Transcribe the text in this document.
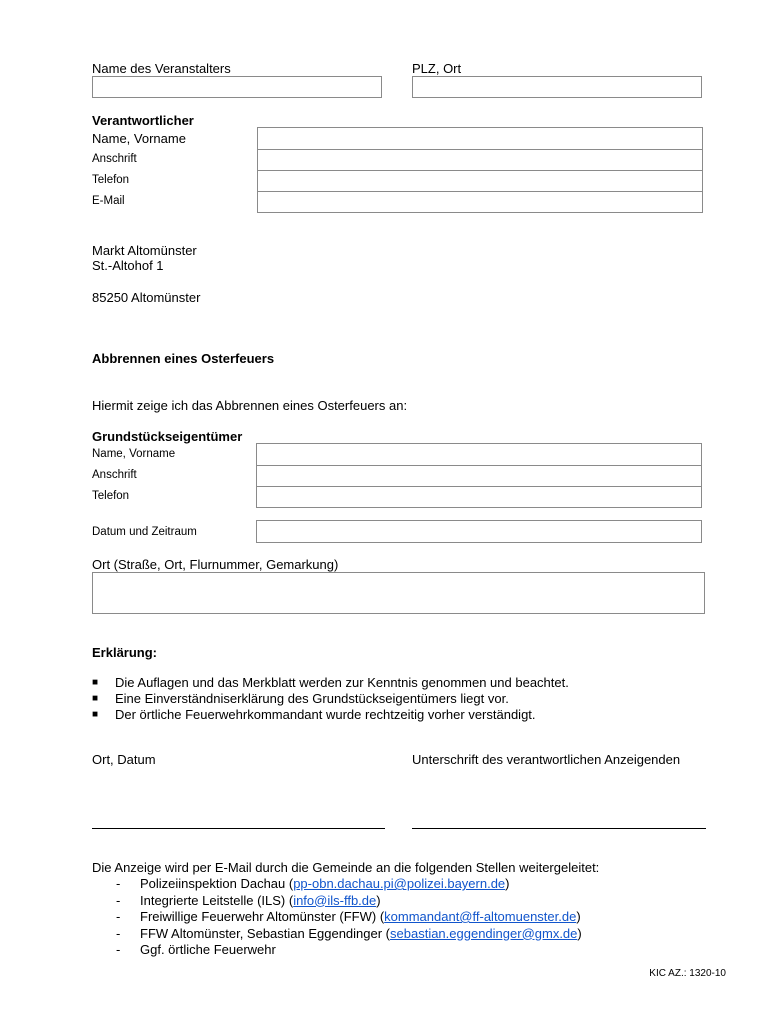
Name des Veranstalters	PLZ, Ort
Verantwortlicher
Name, Vorname
Anschrift
Telefon
E-Mail
Markt Altomünster
St.-Altohof 1
85250 Altomünster
Abbrennen eines Osterfeuers
Hiermit zeige ich das Abbrennen eines Osterfeuers an:
Grundstückseigentümer
Name, Vorname
Anschrift
Telefon
Datum und Zeitraum
Ort (Straße, Ort, Flurnummer, Gemarkung)
Erklärung:
■ Die Auflagen und das Merkblatt werden zur Kenntnis genommen und beachtet.
■ Eine Einverständniserklärung des Grundstückseigentümers liegt vor.
■ Der örtliche Feuerwehrkommandant wurde rechtzeitig vorher verständigt.
Ort, Datum	Unterschrift des verantwortlichen Anzeigenden
Die Anzeige wird per E-Mail durch die Gemeinde an die folgenden Stellen weitergeleitet:
- Polizeiinspektion Dachau (pp-obn.dachau.pi@polizei.bayern.de)
- Integrierte Leitstelle (ILS) (info@ils-ffb.de)
- Freiwillige Feuerwehr Altomünster (FFW) (kommandant@ff-altomuenster.de)
- FFW Altomünster, Sebastian Eggendinger (sebastian.eggendinger@gmx.de)
- Ggf. örtliche Feuerwehr
KIC AZ.: 1320-10
